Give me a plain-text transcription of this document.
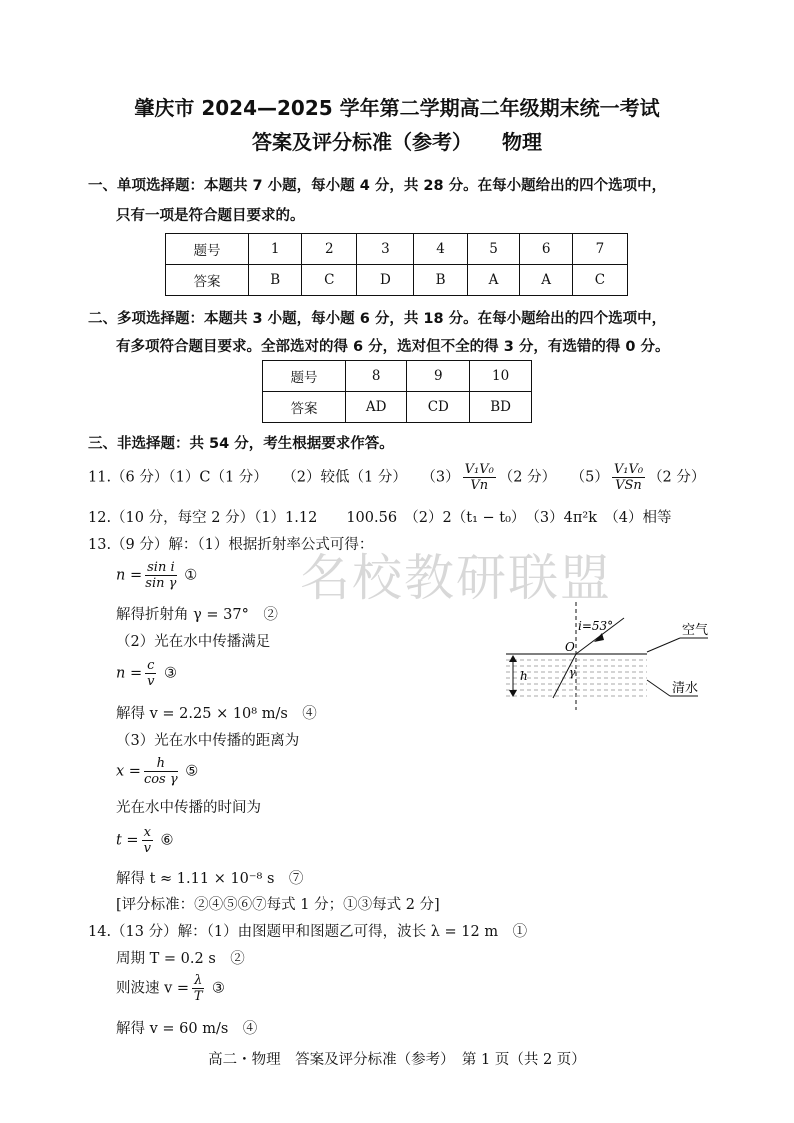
名校教研联盟
肇庆市 2024—2025 学年第二学期高二年级期末统一考试
答案及评分标准（参考）　　物理
一、单项选择题：本题共 7 小题，每小题 4 分，共 28 分。在每小题给出的四个选项中，
只有一项是符合题目要求的。
题号	1	2	3	4	5	6	7
答案	B	C	D	B	A	A	C
二、多项选择题：本题共 3 小题，每小题 6 分，共 18 分。在每小题给出的四个选项中，
有多项符合题目要求。全部选对的得 6 分，选对但不全的得 3 分，有选错的得 0 分。
题号	8	9	10
答案	AD	CD	BD
三、非选择题：共 54 分，考生根据要求作答。
11.（6 分）（1）C（1 分）　　（2）较低（1 分）　　$(3) \frac{\text{V₁V₀}}{Vn} (2$ 分）　　（5） V₁V₀
VSn （2 分）
12.（10 分，每空 2 分）（1）1.12　　100.56　（2）2（t₁ − t₀）　（3）4π²k　（4）相等
13.（9 分）解：（1）根据折射率公式可得：
$n = \frac{\text{sin i}}{\text{sin γ}}$ ①
解得折射角 γ = 37°　②
（2）光在水中传播满足
$n = \frac{c}{v}$ ③
解得 v = 2.25 × 10⁸ m/s　④
（3）光在水中传播的距离为
$x = \frac{h}{\text{cos γ}}$ ⑤
光在水中传播的时间为
$t = \frac{x}{v}$ ⑥
解得 t ≈ 1.11 × 10⁻⁸ s　⑦
[评分标准：②④⑤⑥⑦每式 1 分；①③每式 2 分]
i=53°
O
h	γ
空气
清水
14.（13 分）解：（1）由图题甲和图题乙可得，波长 λ = 12 m　①
周期 T = 0.2 s　②
则波速 $v = \frac{\lambda}{T}$ ③
解得 v = 60 m/s　④
高二・物理　答案及评分标准（参考）　第 1 页（共 2 页）
